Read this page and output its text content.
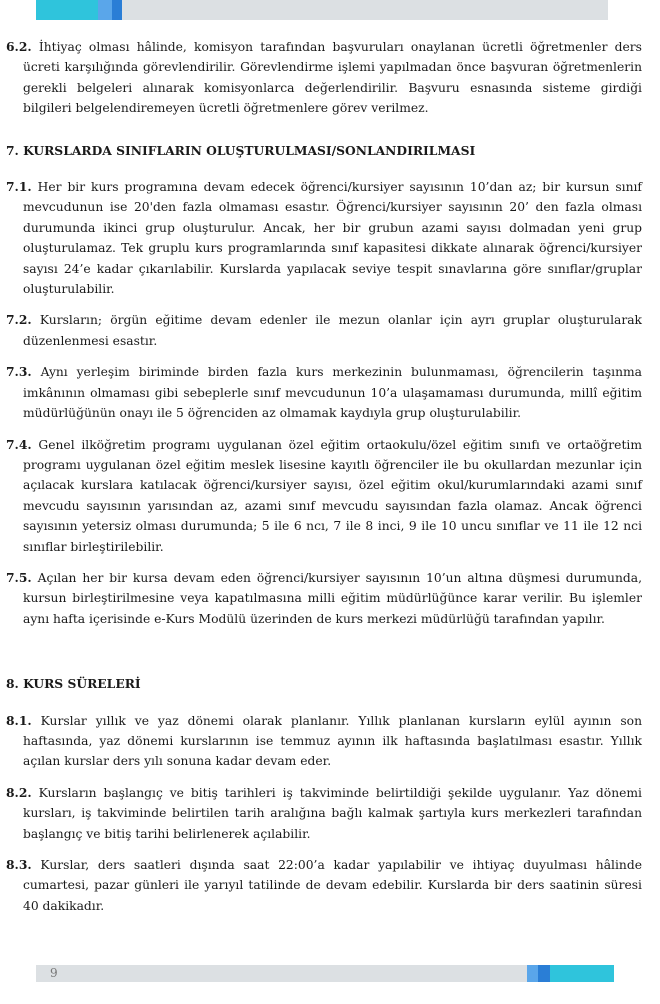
6.2. İhtiyaç olması hâlinde, komisyon tarafından başvuruları onaylanan ücretli öğretmenler ders ücreti karşılığında görevlendirilir. Görevlendirme işlemi yapılmadan önce başvuran öğretmenlerin gerekli belgeleri alınarak komisyonlarca değerlendirilir. Başvuru esnasında sisteme girdiği bilgileri belgelendiremeyen ücretli öğretmenlere görev verilmez.

7. KURSLARDA SINIFLARIN OLUŞTURULMASI/SONLANDIRILMASI

7.1. Her bir kurs programına devam edecek öğrenci/kursiyer sayısının 10’dan az; bir kursun sınıf mevcudunun ise 20'den fazla olmaması esastır. Öğrenci/kursiyer sayısının 20’ den fazla olması durumunda ikinci grup oluşturulur. Ancak, her bir grubun azami sayısı dolmadan yeni grup oluşturulamaz. Tek gruplu kurs programlarında sınıf kapasitesi dikkate alınarak öğrenci/kursiyer sayısı 24’e kadar çıkarılabilir. Kurslarda yapılacak seviye tespit sınavlarına göre sınıflar/gruplar oluşturulabilir.

7.2. Kursların; örgün eğitime devam edenler ile mezun olanlar için ayrı gruplar oluşturularak düzenlenmesi esastır.

7.3. Aynı yerleşim biriminde birden fazla kurs merkezinin bulunmaması, öğrencilerin taşınma imkânının olmaması gibi sebeplerle sınıf mevcudunun 10’a ulaşamaması durumunda, millî eğitim müdürlüğünün onayı ile 5 öğrenciden az olmamak kaydıyla grup oluşturulabilir.

7.4. Genel ilköğretim programı uygulanan özel eğitim ortaokulu/özel eğitim sınıfı ve ortaöğretim programı uygulanan özel eğitim meslek lisesine kayıtlı öğrenciler ile bu okullardan mezunlar için açılacak kurslara katılacak öğrenci/kursiyer sayısı, özel eğitim okul/kurumlarındaki azami sınıf mevcudu sayısının yarısından az, azami sınıf mevcudu sayısından fazla olamaz. Ancak öğrenci sayısının yetersiz olması durumunda; 5 ile 6 ncı, 7 ile 8 inci, 9 ile 10 uncu sınıflar ve 11 ile 12 nci sınıflar birleştirilebilir.

7.5. Açılan her bir kursa devam eden öğrenci/kursiyer sayısının 10’un altına düşmesi durumunda, kursun birleştirilmesine veya kapatılmasına milli eğitim müdürlüğünce karar verilir. Bu işlemler aynı hafta içerisinde e-Kurs Modülü üzerinden de kurs merkezi müdürlüğü tarafından yapılır.

8. KURS SÜRELERİ

8.1. Kurslar yıllık ve yaz dönemi olarak planlanır. Yıllık planlanan kursların eylül ayının son haftasında, yaz dönemi kurslarının ise temmuz ayının ilk haftasında başlatılması esastır. Yıllık açılan kurslar ders yılı sonuna kadar devam eder.

8.2. Kursların başlangıç ve bitiş tarihleri iş takviminde belirtildiği şekilde uygulanır. Yaz dönemi kursları, iş takviminde belirtilen tarih aralığına bağlı kalmak şartıyla kurs merkezleri tarafından başlangıç ve bitiş tarihi belirlenerek açılabilir.

8.3. Kurslar, ders saatleri dışında saat 22:00’a kadar yapılabilir ve ihtiyaç duyulması hâlinde cumartesi, pazar günleri ile yarıyıl tatilinde de devam edebilir. Kurslarda bir ders saatinin süresi 40 dakikadır.

9
